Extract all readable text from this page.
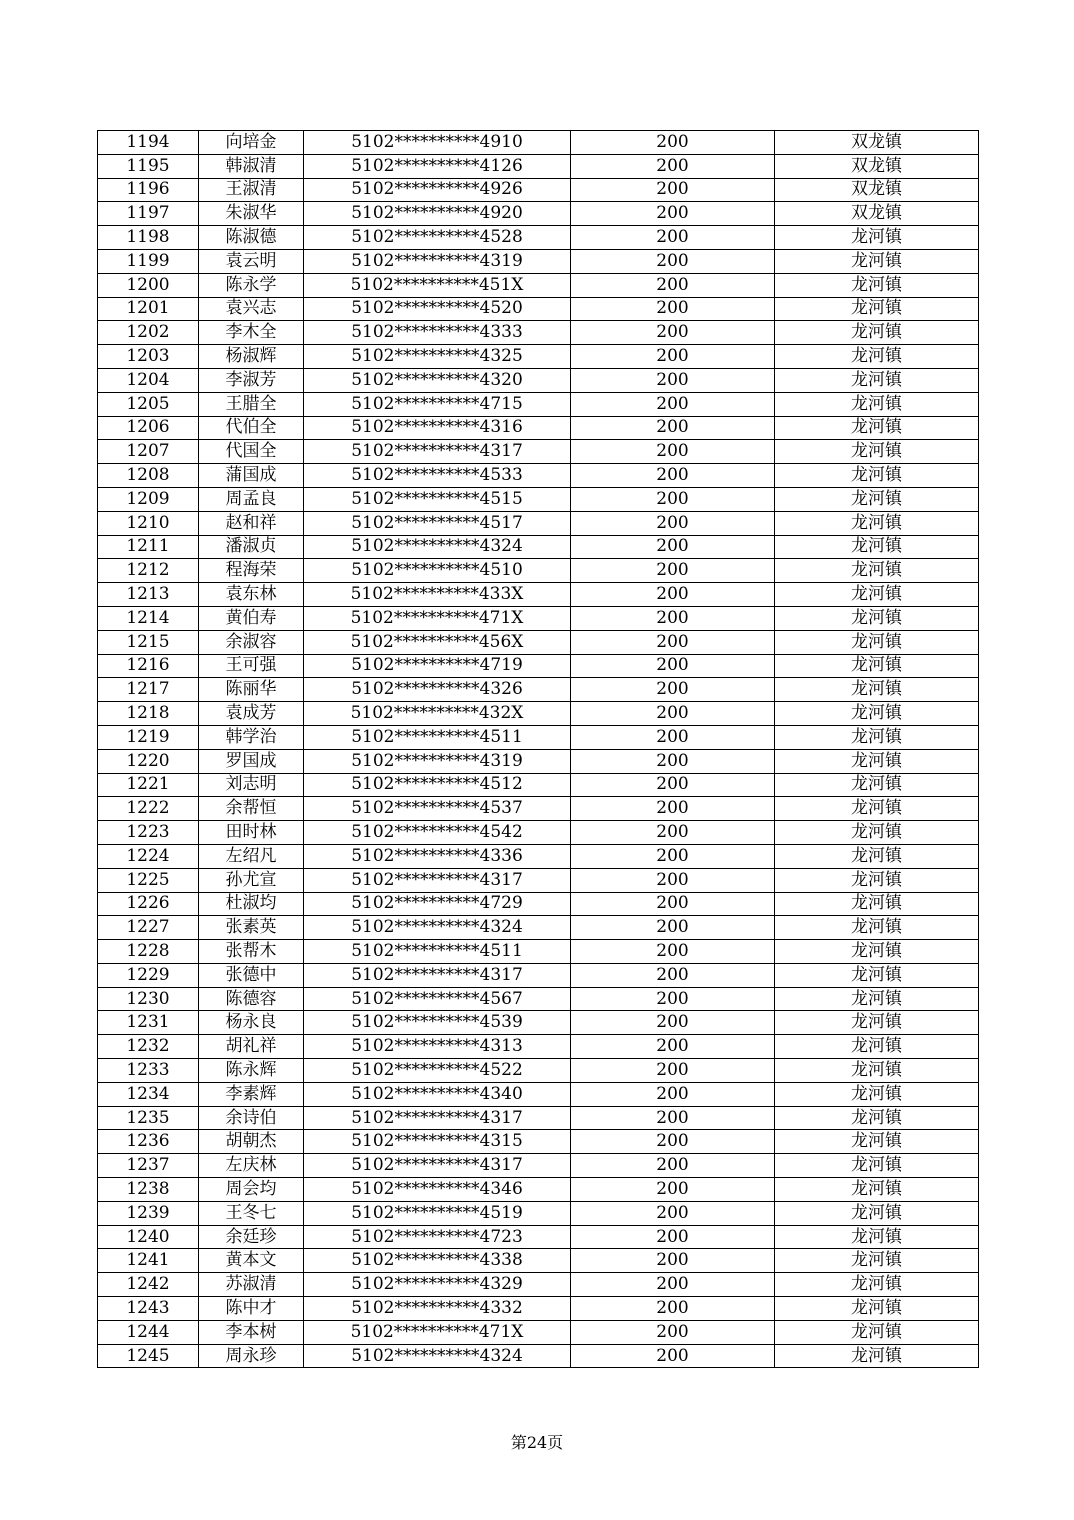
1194	向培金	5102**********4910	200	双龙镇
1195	韩淑清	5102**********4126	200	双龙镇
1196	王淑清	5102**********4926	200	双龙镇
1197	朱淑华	5102**********4920	200	双龙镇
1198	陈淑德	5102**********4528	200	龙河镇
1199	袁云明	5102**********4319	200	龙河镇
1200	陈永学	5102**********451X	200	龙河镇
1201	袁兴志	5102**********4520	200	龙河镇
1202	李木全	5102**********4333	200	龙河镇
1203	杨淑辉	5102**********4325	200	龙河镇
1204	李淑芳	5102**********4320	200	龙河镇
1205	王腊全	5102**********4715	200	龙河镇
1206	代伯全	5102**********4316	200	龙河镇
1207	代国全	5102**********4317	200	龙河镇
1208	蒲国成	5102**********4533	200	龙河镇
1209	周孟良	5102**********4515	200	龙河镇
1210	赵和祥	5102**********4517	200	龙河镇
1211	潘淑贞	5102**********4324	200	龙河镇
1212	程海荣	5102**********4510	200	龙河镇
1213	袁东林	5102**********433X	200	龙河镇
1214	黄伯寿	5102**********471X	200	龙河镇
1215	余淑容	5102**********456X	200	龙河镇
1216	王可强	5102**********4719	200	龙河镇
1217	陈丽华	5102**********4326	200	龙河镇
1218	袁成芳	5102**********432X	200	龙河镇
1219	韩学治	5102**********4511	200	龙河镇
1220	罗国成	5102**********4319	200	龙河镇
1221	刘志明	5102**********4512	200	龙河镇
1222	余帮恒	5102**********4537	200	龙河镇
1223	田时林	5102**********4542	200	龙河镇
1224	左绍凡	5102**********4336	200	龙河镇
1225	孙尤宣	5102**********4317	200	龙河镇
1226	杜淑均	5102**********4729	200	龙河镇
1227	张素英	5102**********4324	200	龙河镇
1228	张帮木	5102**********4511	200	龙河镇
1229	张德中	5102**********4317	200	龙河镇
1230	陈德容	5102**********4567	200	龙河镇
1231	杨永良	5102**********4539	200	龙河镇
1232	胡礼祥	5102**********4313	200	龙河镇
1233	陈永辉	5102**********4522	200	龙河镇
1234	李素辉	5102**********4340	200	龙河镇
1235	余诗伯	5102**********4317	200	龙河镇
1236	胡朝杰	5102**********4315	200	龙河镇
1237	左庆林	5102**********4317	200	龙河镇
1238	周会均	5102**********4346	200	龙河镇
1239	王冬七	5102**********4519	200	龙河镇
1240	余廷珍	5102**********4723	200	龙河镇
1241	黄本文	5102**********4338	200	龙河镇
1242	苏淑清	5102**********4329	200	龙河镇
1243	陈中才	5102**********4332	200	龙河镇
1244	李本树	5102**********471X	200	龙河镇
1245	周永珍	5102**********4324	200	龙河镇
第24页
